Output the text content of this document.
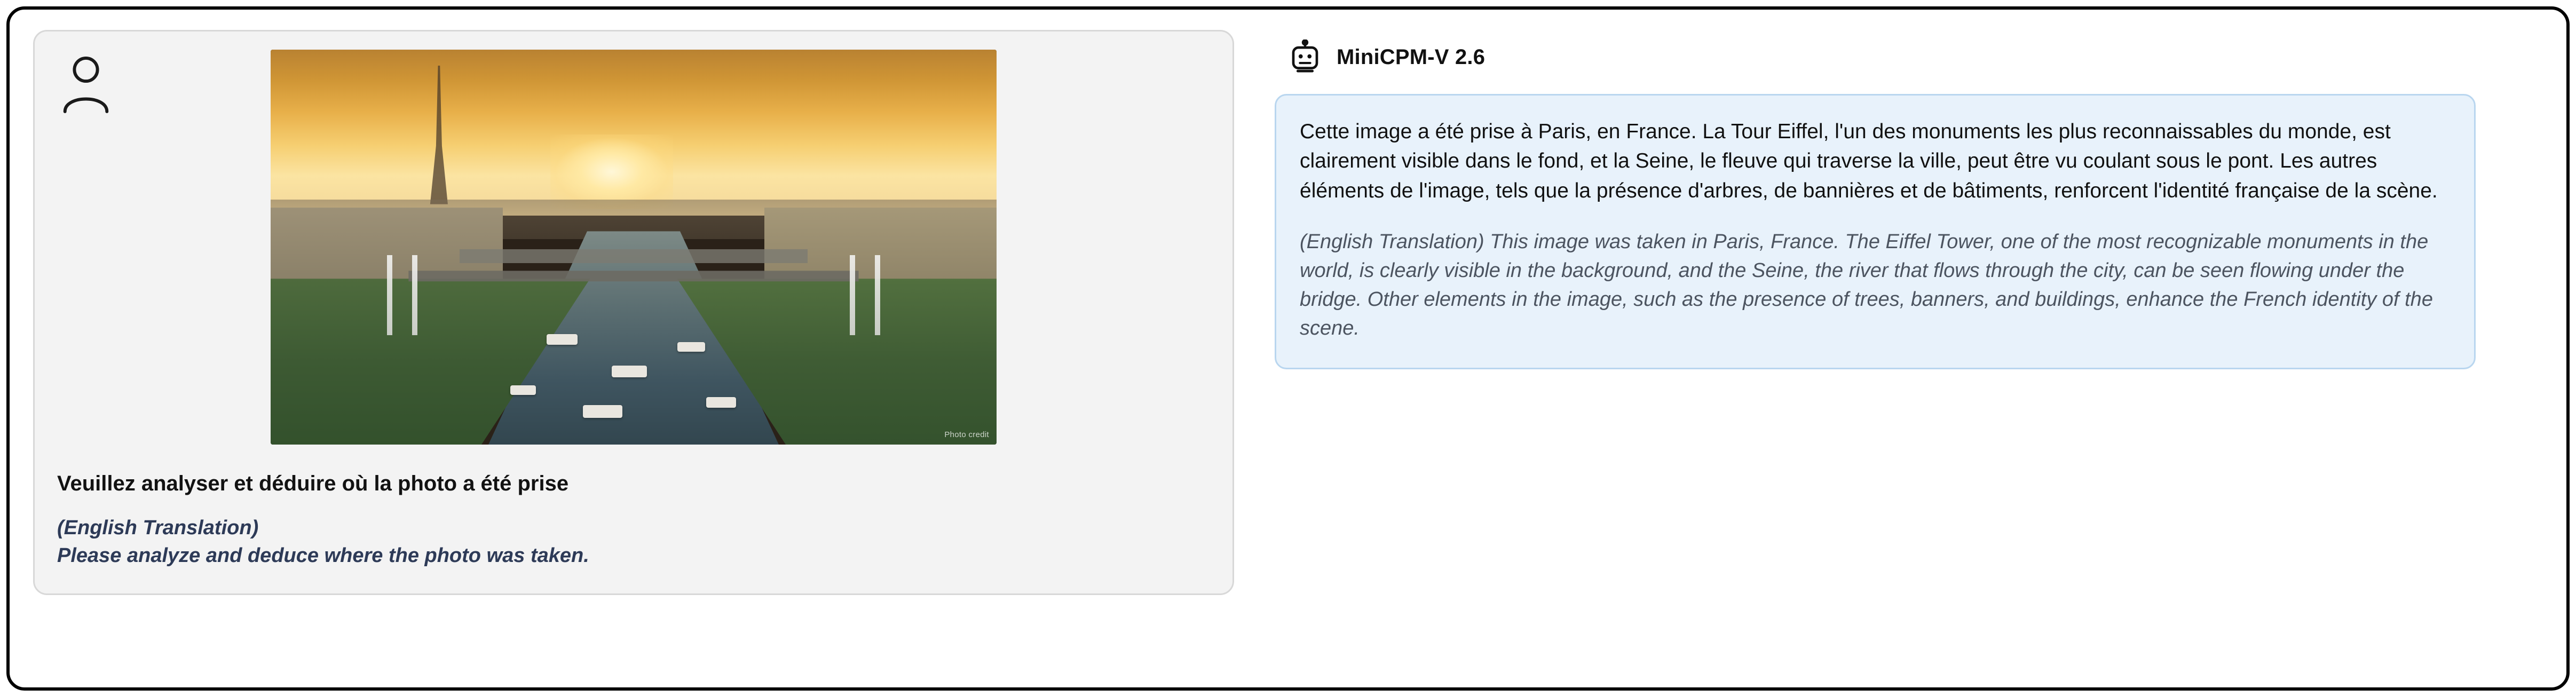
Photo credit

Veuillez analyser et déduire où la photo a été prise

(English Translation)
Please analyze and deduce where the photo was taken.

MiniCPM-V 2.6

Cette image a été prise à Paris, en France. La Tour Eiffel, l'un des monuments les plus reconnaissables du monde, est clairement visible dans le fond, et la Seine, le fleuve qui traverse la ville, peut être vu coulant sous le pont. Les autres éléments de l'image, tels que la présence d'arbres, de bannières et de bâtiments, renforcent l'identité française de la scène.

(English Translation) This image was taken in Paris, France. The Eiffel Tower, one of the most recognizable monuments in the world, is clearly visible in the background, and the Seine, the river that flows through the city, can be seen flowing under the bridge. Other elements in the image, such as the presence of trees, banners, and buildings, enhance the French identity of the scene.
